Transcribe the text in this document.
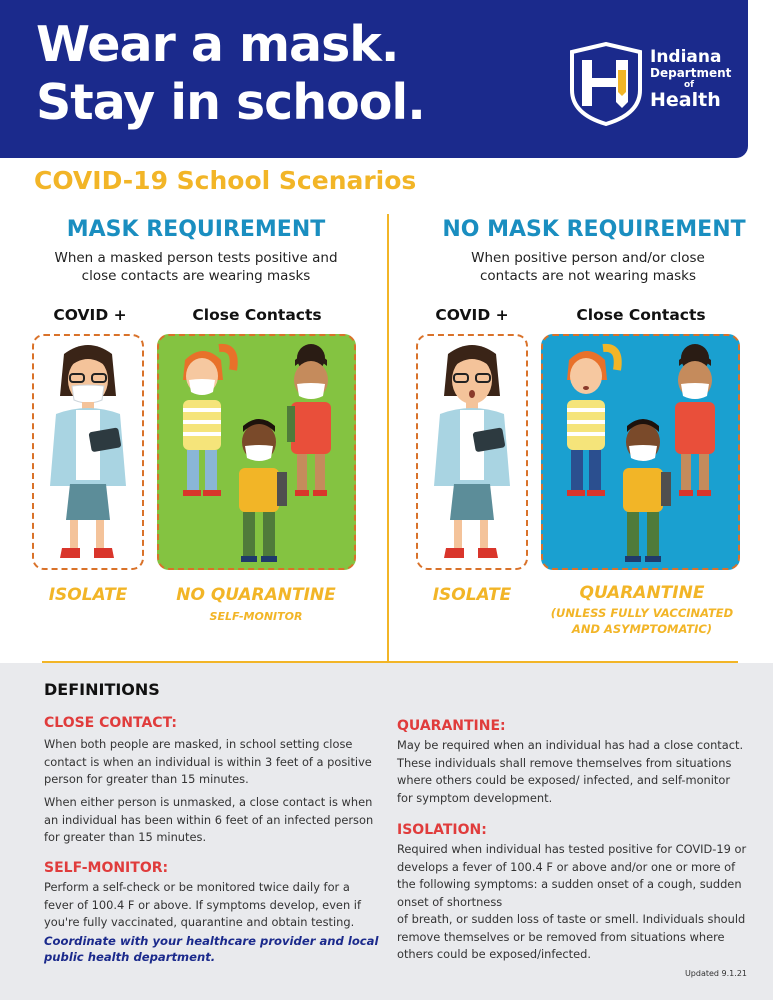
Wear a mask.
Stay in school.
Indiana
Department
of
Health
COVID-19 School Scenarios
MASK REQUIREMENT
When a masked person tests positive and
close contacts are wearing masks
COVID +	Close Contacts
ISOLATE	NO QUARANTINE
SELF-MONITOR
NO MASK REQUIREMENT
When positive person and/or close
contacts are not wearing masks
COVID +	Close Contacts
ISOLATE	QUARANTINE
(UNLESS FULLY VACCINATED
AND ASYMPTOMATIC)
DEFINITIONS
CLOSE CONTACT:
When both people are masked, in school setting close
contact is when an individual is within 3 feet of a positive
person for greater than 15 minutes.
When either person is unmasked, a close contact is when
an individual has been within 6 feet of an infected person
for greater than 15 minutes.
SELF-MONITOR:
Perform a self-check or be monitored twice daily for a
fever of 100.4 F or above. If symptoms develop, even if
you're fully vaccinated, quarantine and obtain testing.
Coordinate with your healthcare provider and local
public health department.
QUARANTINE:
May be required when an individual has had a close contact.
These individuals shall remove themselves from situations
where others could be exposed/ infected, and self-monitor
for symptom development.
ISOLATION:
Required when individual has tested positive for COVID-19 or
develops a fever of 100.4 F or above and/or one or more of
the following symptoms: a sudden onset of a cough, sudden
onset of shortness
of breath, or sudden loss of taste or smell. Individuals should
remove themselves or be removed from situations where
others could be exposed/infected.
Updated 9.1.21
